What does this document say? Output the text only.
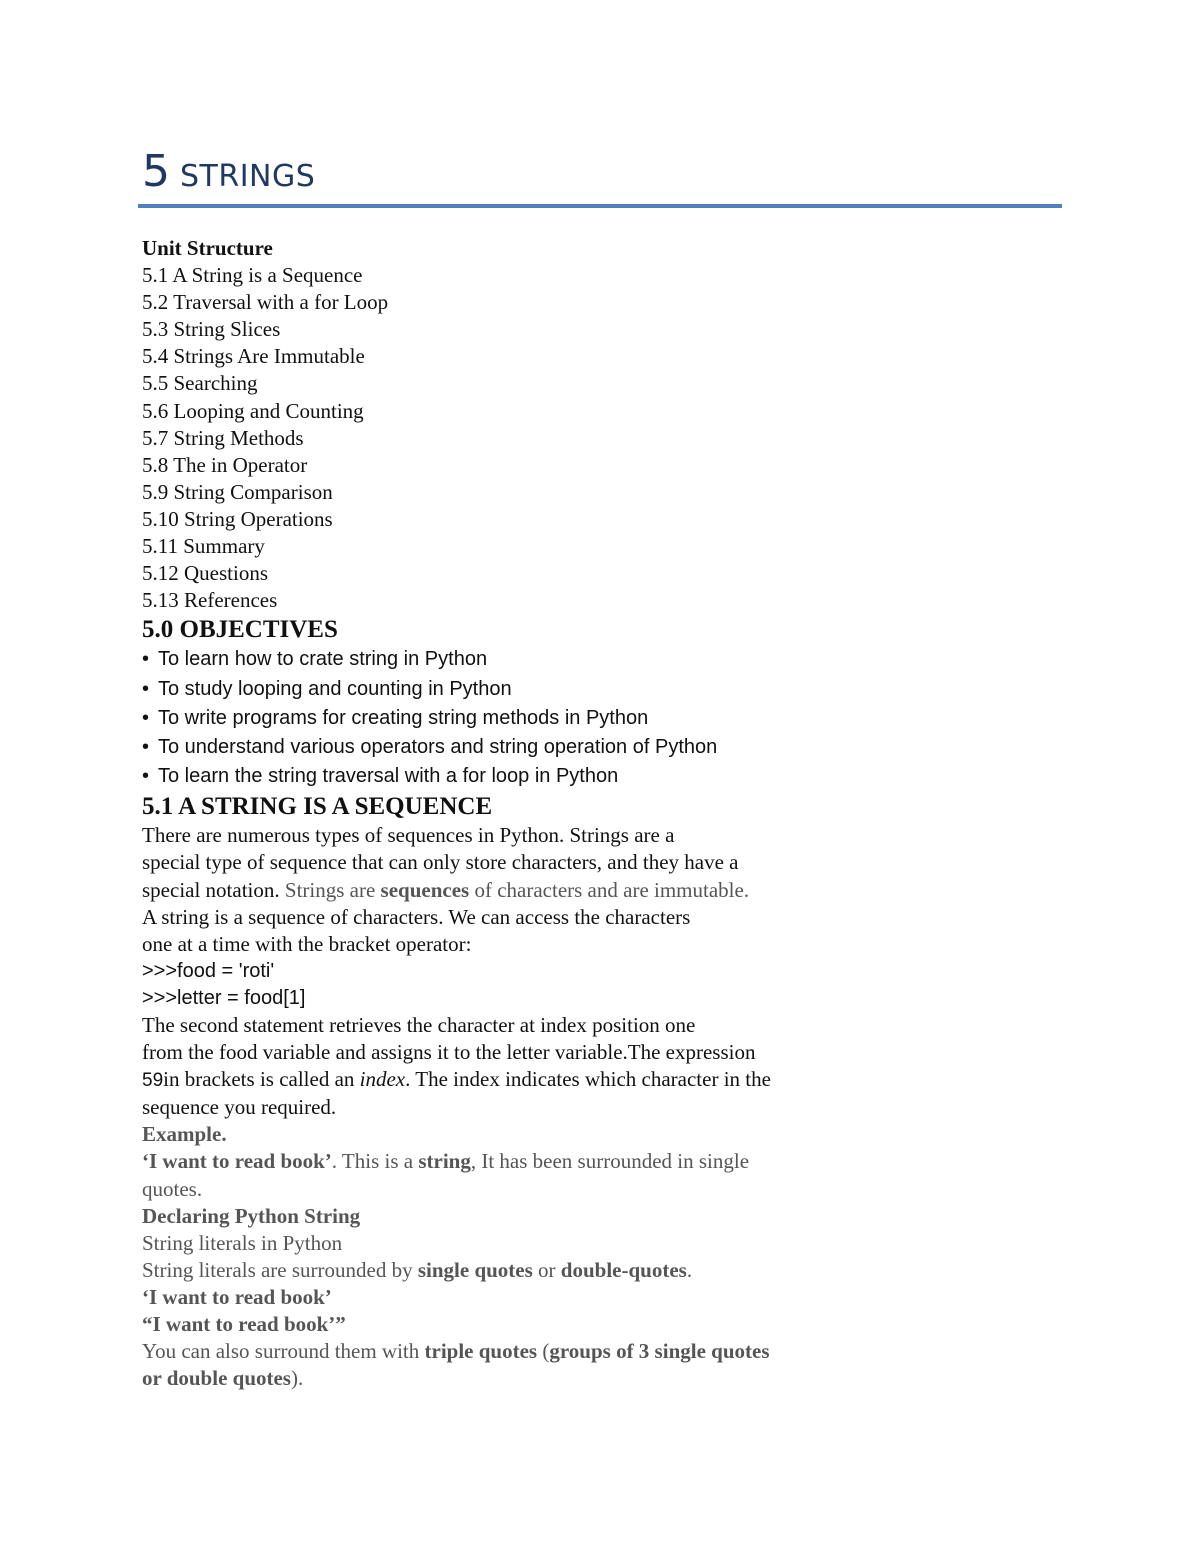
5 STRINGS
Unit Structure
5.1 A String is a Sequence
5.2 Traversal with a for Loop
5.3 String Slices
5.4 Strings Are Immutable
5.5 Searching
5.6 Looping and Counting
5.7 String Methods
5.8 The in Operator
5.9 String Comparison
5.10 String Operations
5.11 Summary
5.12 Questions
5.13 References
5.0 OBJECTIVES
• To learn how to crate string in Python
• To study looping and counting in Python
• To write programs for creating string methods in Python
• To understand various operators and string operation of Python
• To learn the string traversal with a for loop in Python
5.1 A STRING IS A SEQUENCE
There are numerous types of sequences in Python. Strings are a
special type of sequence that can only store characters, and they have a
special notation. Strings are sequences of characters and are immutable.
A string is a sequence of characters. We can access the characters
one at a time with the bracket operator:
>>>food = 'roti'
>>>letter = food[1]
The second statement retrieves the character at index position one
from the food variable and assigns it to the letter variable.The expression
59in brackets is called an index. The index indicates which character in the
sequence you required.
Example.
‘I want to read book’. This is a string, It has been surrounded in single
quotes.
Declaring Python String
String literals in Python
String literals are surrounded by single quotes or double-quotes.
‘I want to read book’
“I want to read book’”
You can also surround them with triple quotes (groups of 3 single quotes
or double quotes).
